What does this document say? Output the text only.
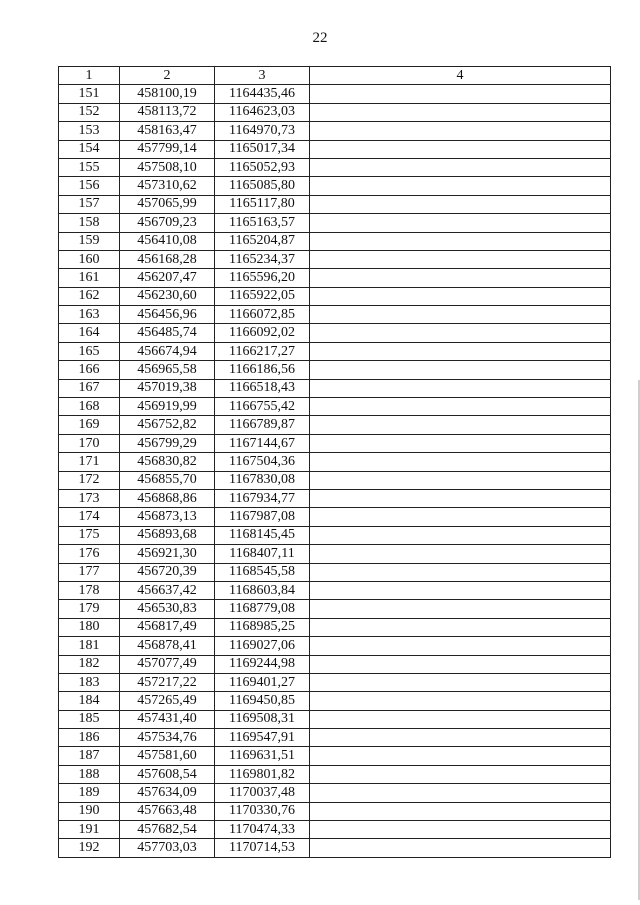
22
1	2	3	4
151	458100,19	1164435,46	
152	458113,72	1164623,03	
153	458163,47	1164970,73	
154	457799,14	1165017,34	
155	457508,10	1165052,93	
156	457310,62	1165085,80	
157	457065,99	1165117,80	
158	456709,23	1165163,57	
159	456410,08	1165204,87	
160	456168,28	1165234,37	
161	456207,47	1165596,20	
162	456230,60	1165922,05	
163	456456,96	1166072,85	
164	456485,74	1166092,02	
165	456674,94	1166217,27	
166	456965,58	1166186,56	
167	457019,38	1166518,43	
168	456919,99	1166755,42	
169	456752,82	1166789,87	
170	456799,29	1167144,67	
171	456830,82	1167504,36	
172	456855,70	1167830,08	
173	456868,86	1167934,77	
174	456873,13	1167987,08	
175	456893,68	1168145,45	
176	456921,30	1168407,11	
177	456720,39	1168545,58	
178	456637,42	1168603,84	
179	456530,83	1168779,08	
180	456817,49	1168985,25	
181	456878,41	1169027,06	
182	457077,49	1169244,98	
183	457217,22	1169401,27	
184	457265,49	1169450,85	
185	457431,40	1169508,31	
186	457534,76	1169547,91	
187	457581,60	1169631,51	
188	457608,54	1169801,82	
189	457634,09	1170037,48	
190	457663,48	1170330,76	
191	457682,54	1170474,33	
192	457703,03	1170714,53	
